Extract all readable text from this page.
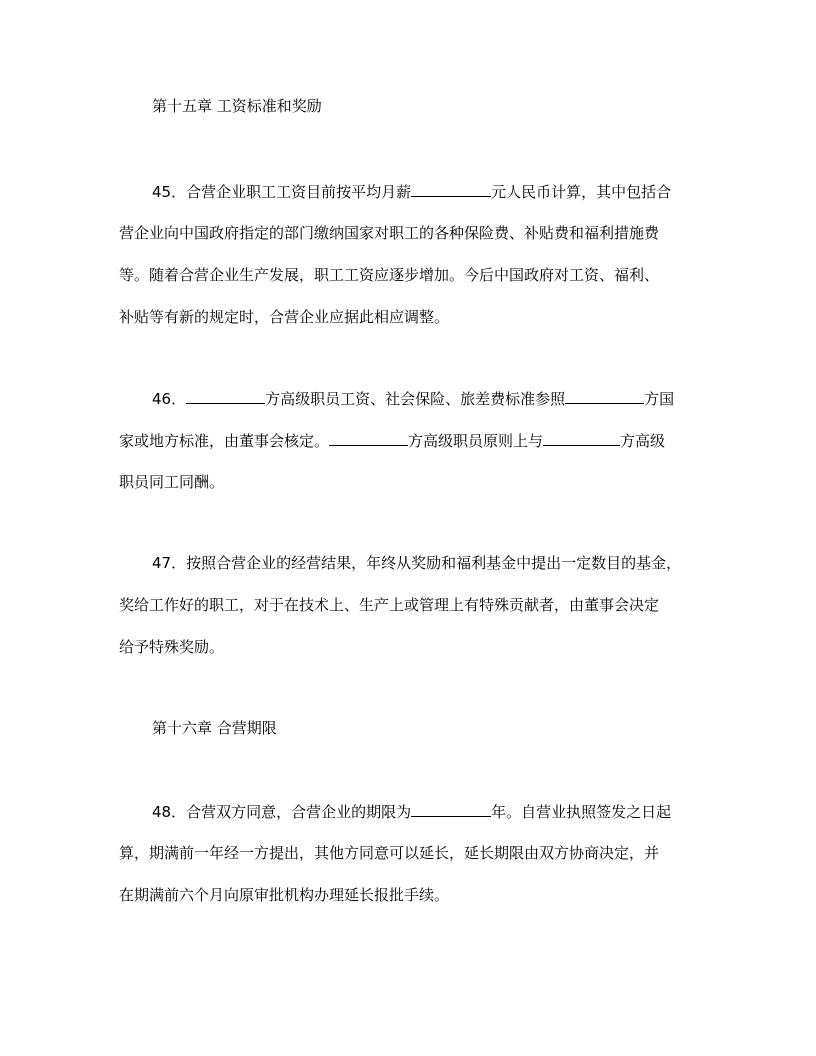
第十五章 工资标准和奖励
45．合营企业职工工资目前按平均月薪	元人民币计算，其中包括合
营企业向中国政府指定的部门缴纳国家对职工的各种保险费、补贴费和福利措施费
等。随着合营企业生产发展，职工工资应逐步增加。今后中国政府对工资、福利、
补贴等有新的规定时，合营企业应据此相应调整。
46．	方高级职员工资、社会保险、旅差费标准参照	方国
家或地方标准，由董事会核定。	方高级职员原则上与	方高级
职员同工同酬。
47．按照合营企业的经营结果，年终从奖励和福利基金中提出一定数目的基金，
奖给工作好的职工，对于在技术上、生产上或管理上有特殊贡献者，由董事会决定
给予特殊奖励。
第十六章 合营期限
48．合营双方同意，合营企业的期限为	年。自营业执照签发之日起
算，期满前一年经一方提出，其他方同意可以延长，延长期限由双方协商决定，并
在期满前六个月向原审批机构办理延长报批手续。
